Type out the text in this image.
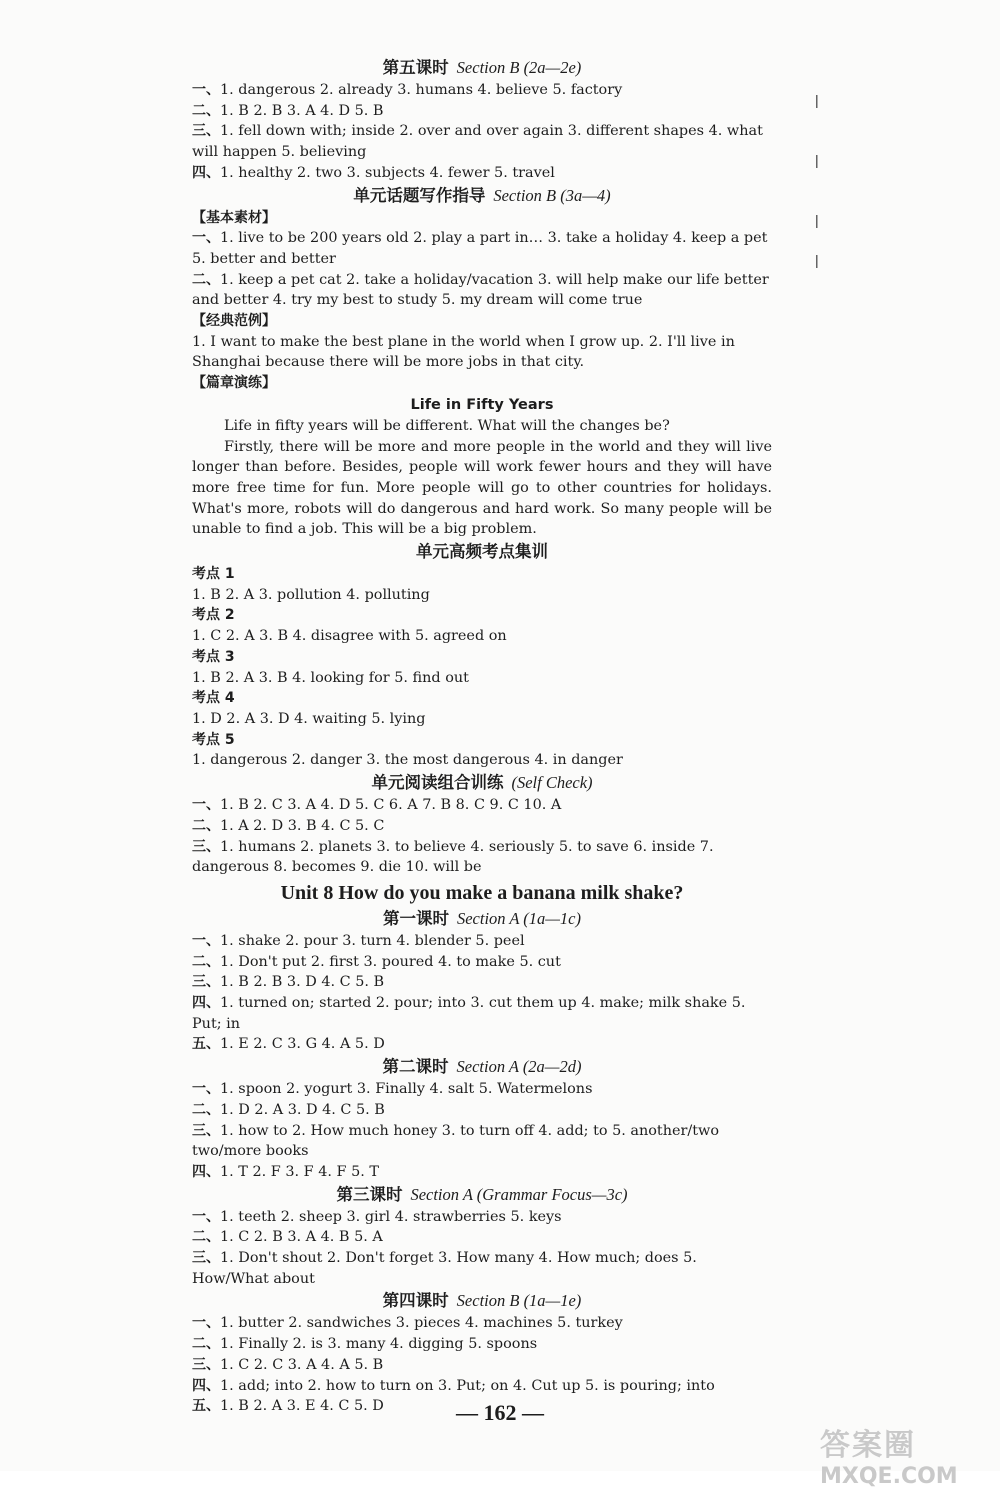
第五课时 Section B (2a—2e)
一、1. dangerous 2. already 3. humans 4. believe 5. factory
二、1. B 2. B 3. A 4. D 5. B
三、1. fell down with; inside 2. over and over again 3. different shapes 4. what will happen 5. believing
四、1. healthy 2. two 3. subjects 4. fewer 5. travel
单元话题写作指导 Section B (3a—4)
【基本素材】
一、1. live to be 200 years old 2. play a part in… 3. take a holiday 4. keep a pet 5. better and better
二、1. keep a pet cat 2. take a holiday/vacation 3. will help make our life better and better 4. try my best to study 5. my dream will come true
【经典范例】
1. I want to make the best plane in the world when I grow up. 2. I'll live in Shanghai because there will be more jobs in that city.
【篇章演练】
Life in Fifty Years
Life in fifty years will be different. What will the changes be?
Firstly, there will be more and more people in the world and they will live longer than before. Besides, people will work fewer hours and they will have more free time for fun. More people will go to other countries for holidays. What's more, robots will do dangerous and hard work. So many people will be unable to find a job. This will be a big problem.
单元高频考点集训
考点 1
1. B 2. A 3. pollution 4. polluting
考点 2
1. C 2. A 3. B 4. disagree with 5. agreed on
考点 3
1. B 2. A 3. B 4. looking for 5. find out
考点 4
1. D 2. A 3. D 4. waiting 5. lying
考点 5
1. dangerous 2. danger 3. the most dangerous 4. in danger
单元阅读组合训练 (Self Check)
一、1. B 2. C 3. A 4. D 5. C 6. A 7. B 8. C 9. C 10. A
二、1. A 2. D 3. B 4. C 5. C
三、1. humans 2. planets 3. to believe 4. seriously 5. to save 6. inside 7. dangerous 8. becomes 9. die 10. will be
Unit 8 How do you make a banana milk shake?
第一课时 Section A (1a—1c)
一、1. shake 2. pour 3. turn 4. blender 5. peel
二、1. Don't put 2. first 3. poured 4. to make 5. cut
三、1. B 2. B 3. D 4. C 5. B
四、1. turned on; started 2. pour; into 3. cut them up 4. make; milk shake 5. Put; in
五、1. E 2. C 3. G 4. A 5. D
第二课时 Section A (2a—2d)
一、1. spoon 2. yogurt 3. Finally 4. salt 5. Watermelons
二、1. D 2. A 3. D 4. C 5. B
三、1. how to 2. How much honey 3. to turn off 4. add; to 5. another/two two/more books
四、1. T 2. F 3. F 4. F 5. T
第三课时 Section A (Grammar Focus—3c)
一、1. teeth 2. sheep 3. girl 4. strawberries 5. keys
二、1. C 2. B 3. A 4. B 5. A
三、1. Don't shout 2. Don't forget 3. How many 4. How much; does 5. How/What about
第四课时 Section B (1a—1e)
一、1. butter 2. sandwiches 3. pieces 4. machines 5. turkey
二、1. Finally 2. is 3. many 4. digging 5. spoons
三、1. C 2. C 3. A 4. A 5. B
四、1. add; into 2. how to turn on 3. Put; on 4. Cut up 5. is pouring; into
五、1. B 2. A 3. E 4. C 5. D
|

|

|

|
— 162 —
答案圈
MXQE.COM
